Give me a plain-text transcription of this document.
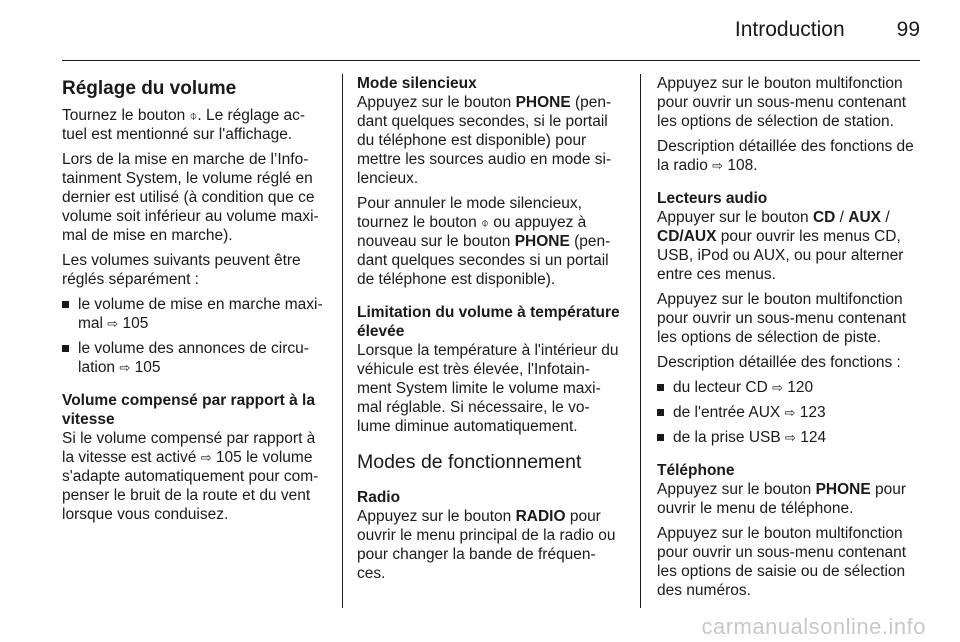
Introduction 99

Réglage du volume

Tournez le bouton ⌽. Le réglage ac-
tuel est mentionné sur l'affichage.

Lors de la mise en marche de l’Info- tainment System, le volume réglé en dernier est utilisé (à condition que ce volume soit inférieur au volume maxi- mal de mise en marche).

Les volumes suivants peuvent être réglés séparément :

le volume de mise en marche maxi- mal ⇨ 105
le volume des annonces de circu- lation ⇨ 105

Volume compensé par rapport à la vitesse

Si le volume compensé par rapport à la vitesse est activé ⇨ 105 le volume s'adapte automatiquement pour com- penser le bruit de la route et du vent lorsque vous conduisez.

Mode silencieux

Appuyez sur le bouton PHONE (pen- dant quelques secondes, si le portail du téléphone est disponible) pour mettre les sources audio en mode si- lencieux.

Pour annuler le mode silencieux, tournez le bouton ⌽ ou appuyez à nouveau sur le bouton PHONE (pen- dant quelques secondes si un portail de téléphone est disponible).

Limitation du volume à température élevée

Lorsque la température à l'intérieur du véhicule est très élevée, l'Infotain- ment System limite le volume maxi- mal réglable. Si nécessaire, le vo- lume diminue automatiquement.

Modes de fonctionnement

Radio

Appuyez sur le bouton RADIO pour ouvrir le menu principal de la radio ou pour changer la bande de fréquen- ces.

Appuyez sur le bouton multifonction pour ouvrir un sous-menu contenant les options de sélection de station.

Description détaillée des fonctions de la radio ⇨ 108.

Lecteurs audio

Appuyer sur le bouton CD / AUX / CD/AUX pour ouvrir les menus CD, USB, iPod ou AUX, ou pour alterner entre ces menus.

Appuyez sur le bouton multifonction pour ouvrir un sous-menu contenant les options de sélection de piste.

Description détaillée des fonctions :

du lecteur CD ⇨ 120
de l'entrée AUX ⇨ 123
de la prise USB ⇨ 124

Téléphone

Appuyez sur le bouton PHONE pour ouvrir le menu de téléphone.

Appuyez sur le bouton multifonction pour ouvrir un sous-menu contenant les options de saisie ou de sélection des numéros.

carmanualsonline.info
